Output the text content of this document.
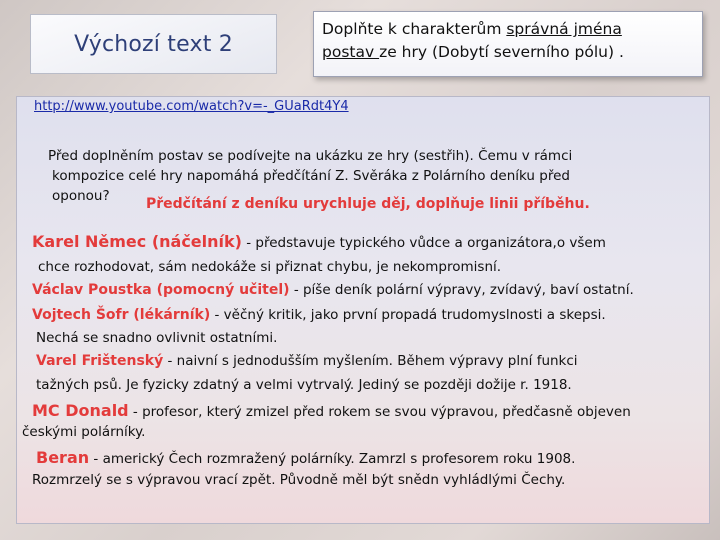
Výchozí text 2
Doplňte k charakterům správná jména
postav ze hry (Dobytí severního pólu) .
http://www.youtube.com/watch?v=-_GUaRdt4Y4
Před doplněním postav se podívejte na ukázku ze hry (sestřih). Čemu v rámci
kompozice celé hry napomáhá předčítání Z. Svěráka z Polárního deníku před
oponou?	Předčítání z deníku urychluje děj, doplňuje linii příběhu.
Karel Němec (náčelník) - představuje typického vůdce a organizátora,o všem
chce rozhodovat, sám nedokáže si přiznat chybu, je nekompromisní.
Václav Poustka (pomocný učitel) - píše deník polární výpravy, zvídavý, baví ostatní.
Vojtech Šofr (lékárník) - věčný kritik, jako první propadá trudomyslnosti a skepsi.
Nechá se snadno ovlivnit ostatními.
Varel Frištenský - naivní s jednodušším myšlením. Během výpravy plní funkci
tažných psů. Je fyzicky zdatný a velmi vytrvalý. Jediný se později dožije r. 1918.
MC Donald - profesor, který zmizel před rokem se svou výpravou, předčasně objeven
českými polárníky.
Beran - americký Čech rozmražený polárníky. Zamrzl s profesorem roku 1908.
Rozmrzelý se s výpravou vrací zpět. Původně měl být snědn vyhládlými Čechy.
